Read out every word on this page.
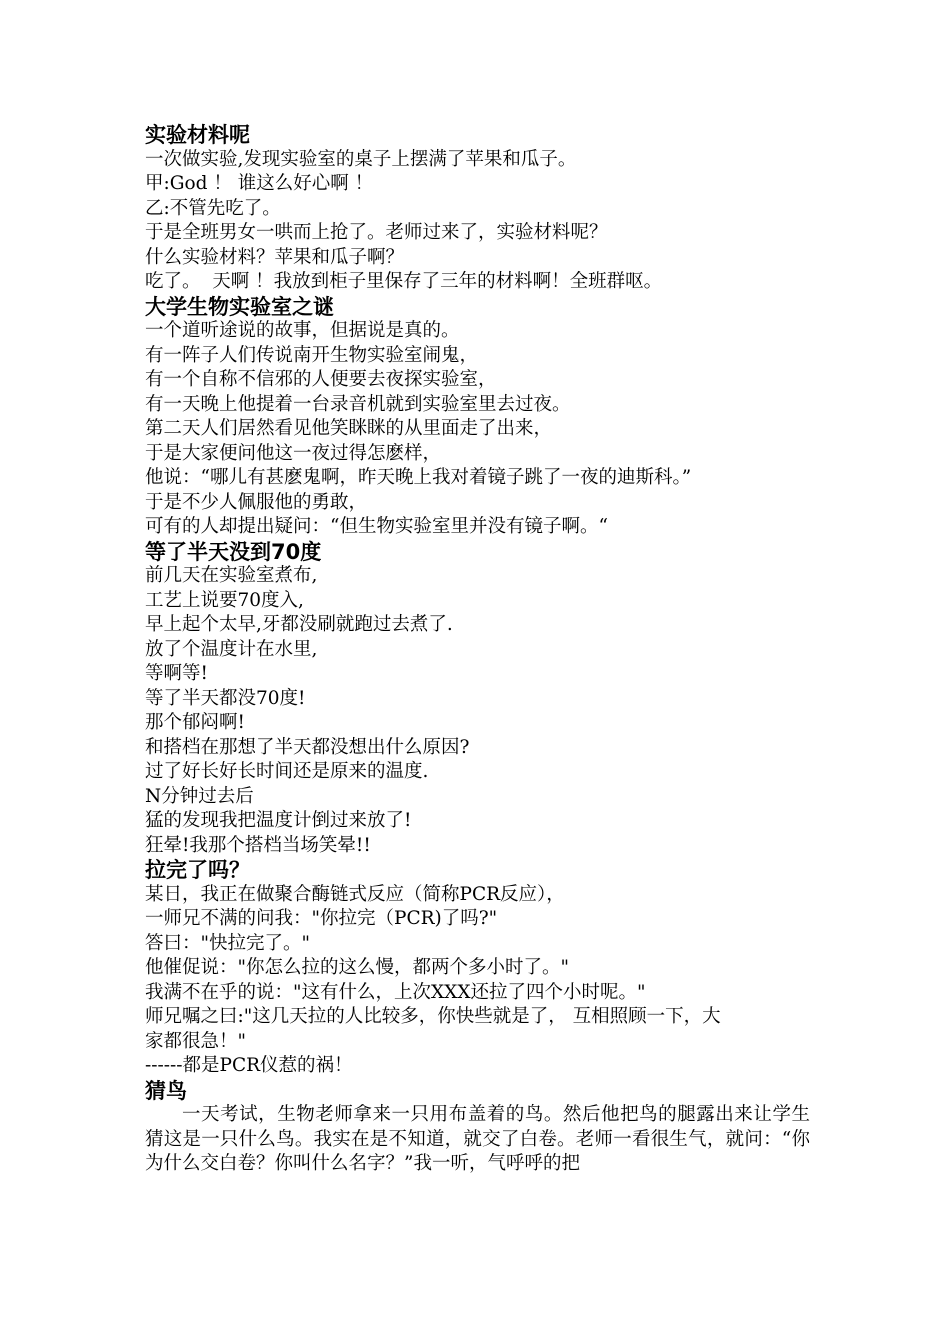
实验材料呢

一次做实验,发现实验室的桌子上摆满了苹果和瓜子。

甲:God ！ 谁这么好心啊 ！

乙:不管先吃了。

于是全班男女一哄而上抢了。老师过来了，实验材料呢？

什么实验材料？苹果和瓜子啊？

吃了。  天啊 ！我放到柜子里保存了三年的材料啊！全班群呕。

大学生物实验室之谜

一个道听途说的故事，但据说是真的。

有一阵子人们传说南开生物实验室闹鬼，

有一个自称不信邪的人便要去夜探实验室，

有一天晚上他提着一台录音机就到实验室里去过夜。

第二天人们居然看见他笑眯眯的从里面走了出来，

于是大家便问他这一夜过得怎麽样，

他说：“哪儿有甚麽鬼啊，昨天晚上我对着镜子跳了一夜的迪斯科。”

于是不少人佩服他的勇敢，

可有的人却提出疑问：“但生物实验室里并没有镜子啊。“

等了半天没到70度

前几天在实验室煮布,

工艺上说要70度入,

早上起个太早,牙都没刷就跑过去煮了.

放了个温度计在水里,

等啊等!

等了半天都没70度!

那个郁闷啊!

和搭档在那想了半天都没想出什么原因?

过了好长好长时间还是原来的温度.

N分钟过去后

猛的发现我把温度计倒过来放了!

狂晕!我那个搭档当场笑晕!!

拉完了吗？

某日，我正在做聚合酶链式反应（简称PCR反应），

一师兄不满的问我："你拉完（PCR)了吗?"

答曰："快拉完了。"

他催促说："你怎么拉的这么慢，都两个多小时了。"

我满不在乎的说："这有什么，上次XXX还拉了四个小时呢。"

师兄嘱之曰:"这几天拉的人比较多，你快些就是了， 互相照顾一下，大

家都很急！"

------都是PCR仪惹的祸！

猜鸟

一天考试，生物老师拿来一只用布盖着的鸟。然后他把鸟的腿露出来让学生猜这是一只什么鸟。我实在是不知道，就交了白卷。老师一看很生气，就问：“你为什么交白卷？你叫什么名字？”我一听，气呼呼的把
